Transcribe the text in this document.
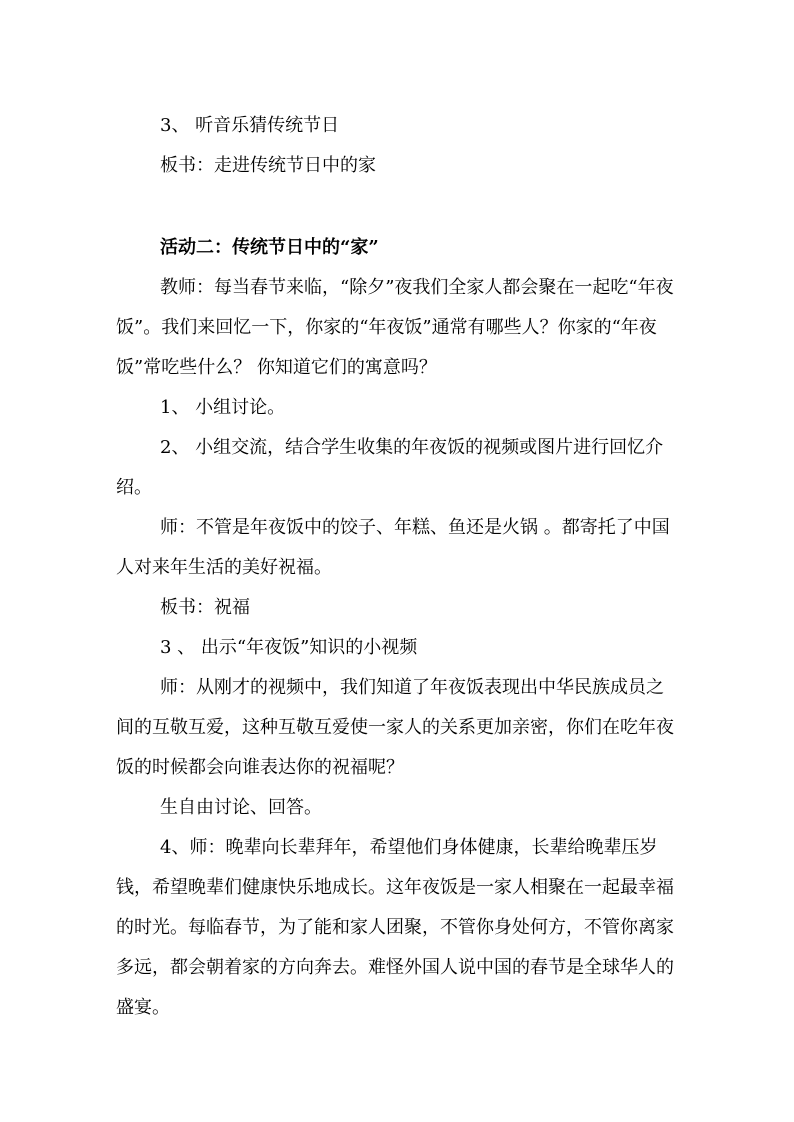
3、 听音乐猜传统节日

板书：走进传统节日中的家

活动二：传统节日中的“家”

教师：每当春节来临，“除夕”夜我们全家人都会聚在一起吃“年夜饭”。我们来回忆一下，你家的“年夜饭”通常有哪些人？你家的“年夜饭”常吃些什么？ 你知道它们的寓意吗？

1、 小组讨论。

2、 小组交流，结合学生收集的年夜饭的视频或图片进行回忆介绍。

师：不管是年夜饭中的饺子、年糕、鱼还是火锅 。都寄托了中国人对来年生活的美好祝福。

板书：祝福

3 、 出示“年夜饭”知识的小视频

师：从刚才的视频中，我们知道了年夜饭表现出中华民族成员之间的互敬互爱，这种互敬互爱使一家人的关系更加亲密，你们在吃年夜饭的时候都会向谁表达你的祝福呢？

生自由讨论、回答。

4、师：晚辈向长辈拜年，希望他们身体健康，长辈给晚辈压岁钱，希望晚辈们健康快乐地成长。这年夜饭是一家人相聚在一起最幸福的时光。每临春节，为了能和家人团聚，不管你身处何方，不管你离家多远，都会朝着家的方向奔去。难怪外国人说中国的春节是全球华人的盛宴。
